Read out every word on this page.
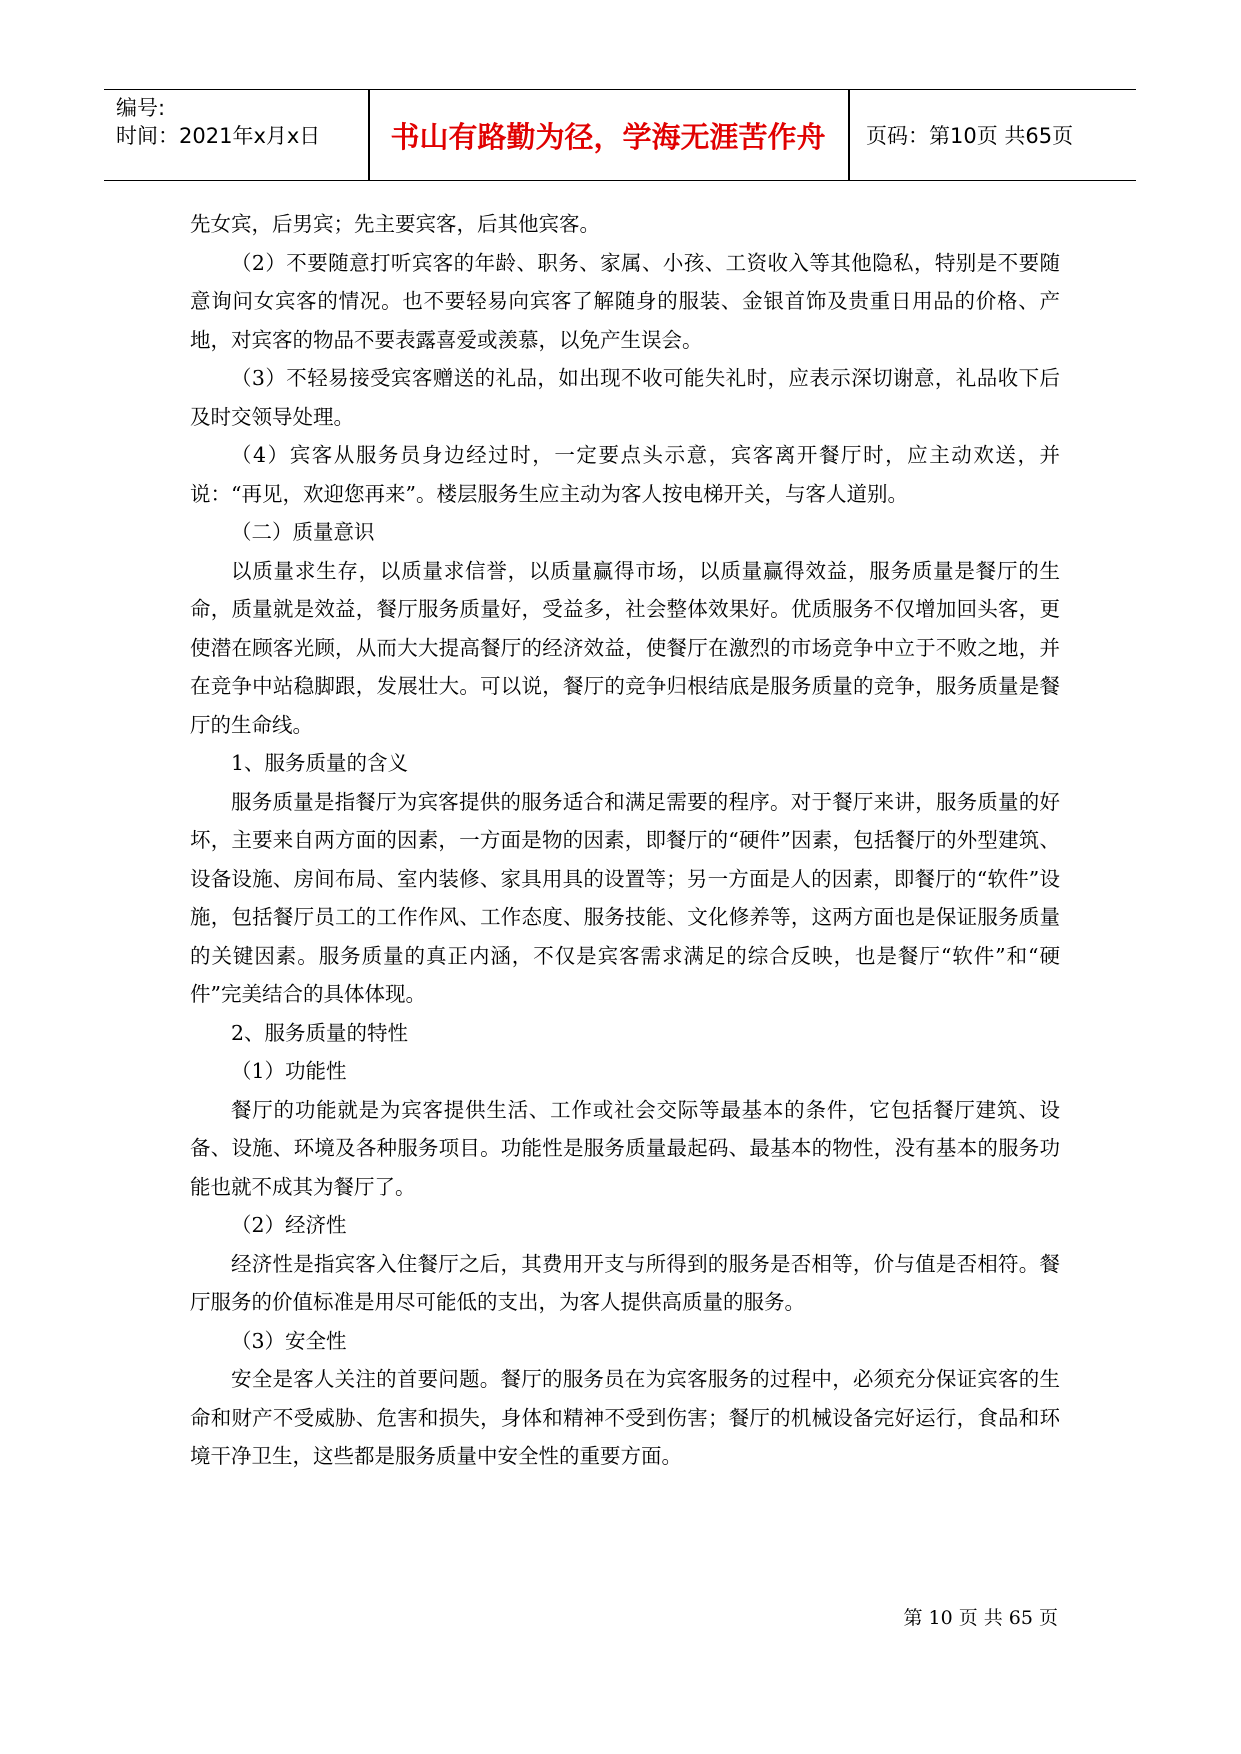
编号:
时间：2021年x月x日	书山有路勤为径，学海无涯苦作舟	页码：第10页 共65页

先女宾，后男宾；先主要宾客，后其他宾客。

（2）不要随意打听宾客的年龄、职务、家属、小孩、工资收入等其他隐私，特别是不要随意询问女宾客的情况。也不要轻易向宾客了解随身的服装、金银首饰及贵重日用品的价格、产地，对宾客的物品不要表露喜爱或羡慕，以免产生误会。

（3）不轻易接受宾客赠送的礼品，如出现不收可能失礼时，应表示深切谢意，礼品收下后及时交领导处理。

（4）宾客从服务员身边经过时，一定要点头示意，宾客离开餐厅时，应主动欢送，并说：“再见，欢迎您再来”。楼层服务生应主动为客人按电梯开关，与客人道别。

（二）质量意识

以质量求生存，以质量求信誉，以质量赢得市场，以质量赢得效益，服务质量是餐厅的生命，质量就是效益，餐厅服务质量好，受益多，社会整体效果好。优质服务不仅增加回头客，更使潜在顾客光顾，从而大大提高餐厅的经济效益，使餐厅在激烈的市场竞争中立于不败之地，并在竞争中站稳脚跟，发展壮大。可以说，餐厅的竞争归根结底是服务质量的竞争，服务质量是餐厅的生命线。

1、服务质量的含义

服务质量是指餐厅为宾客提供的服务适合和满足需要的程序。对于餐厅来讲，服务质量的好坏，主要来自两方面的因素，一方面是物的因素，即餐厅的“硬件”因素，包括餐厅的外型建筑、设备设施、房间布局、室内装修、家具用具的设置等；另一方面是人的因素，即餐厅的“软件”设施，包括餐厅员工的工作作风、工作态度、服务技能、文化修养等，这两方面也是保证服务质量的关键因素。服务质量的真正内涵，不仅是宾客需求满足的综合反映，也是餐厅“软件”和“硬件”完美结合的具体体现。

2、服务质量的特性

（1）功能性

餐厅的功能就是为宾客提供生活、工作或社会交际等最基本的条件，它包括餐厅建筑、设备、设施、环境及各种服务项目。功能性是服务质量最起码、最基本的物性，没有基本的服务功能也就不成其为餐厅了。

（2）经济性

经济性是指宾客入住餐厅之后，其费用开支与所得到的服务是否相等，价与值是否相符。餐厅服务的价值标准是用尽可能低的支出，为客人提供高质量的服务。

（3）安全性

安全是客人关注的首要问题。餐厅的服务员在为宾客服务的过程中，必须充分保证宾客的生命和财产不受威胁、危害和损失，身体和精神不受到伤害；餐厅的机械设备完好运行，食品和环境干净卫生，这些都是服务质量中安全性的重要方面。

第 10 页 共 65 页
